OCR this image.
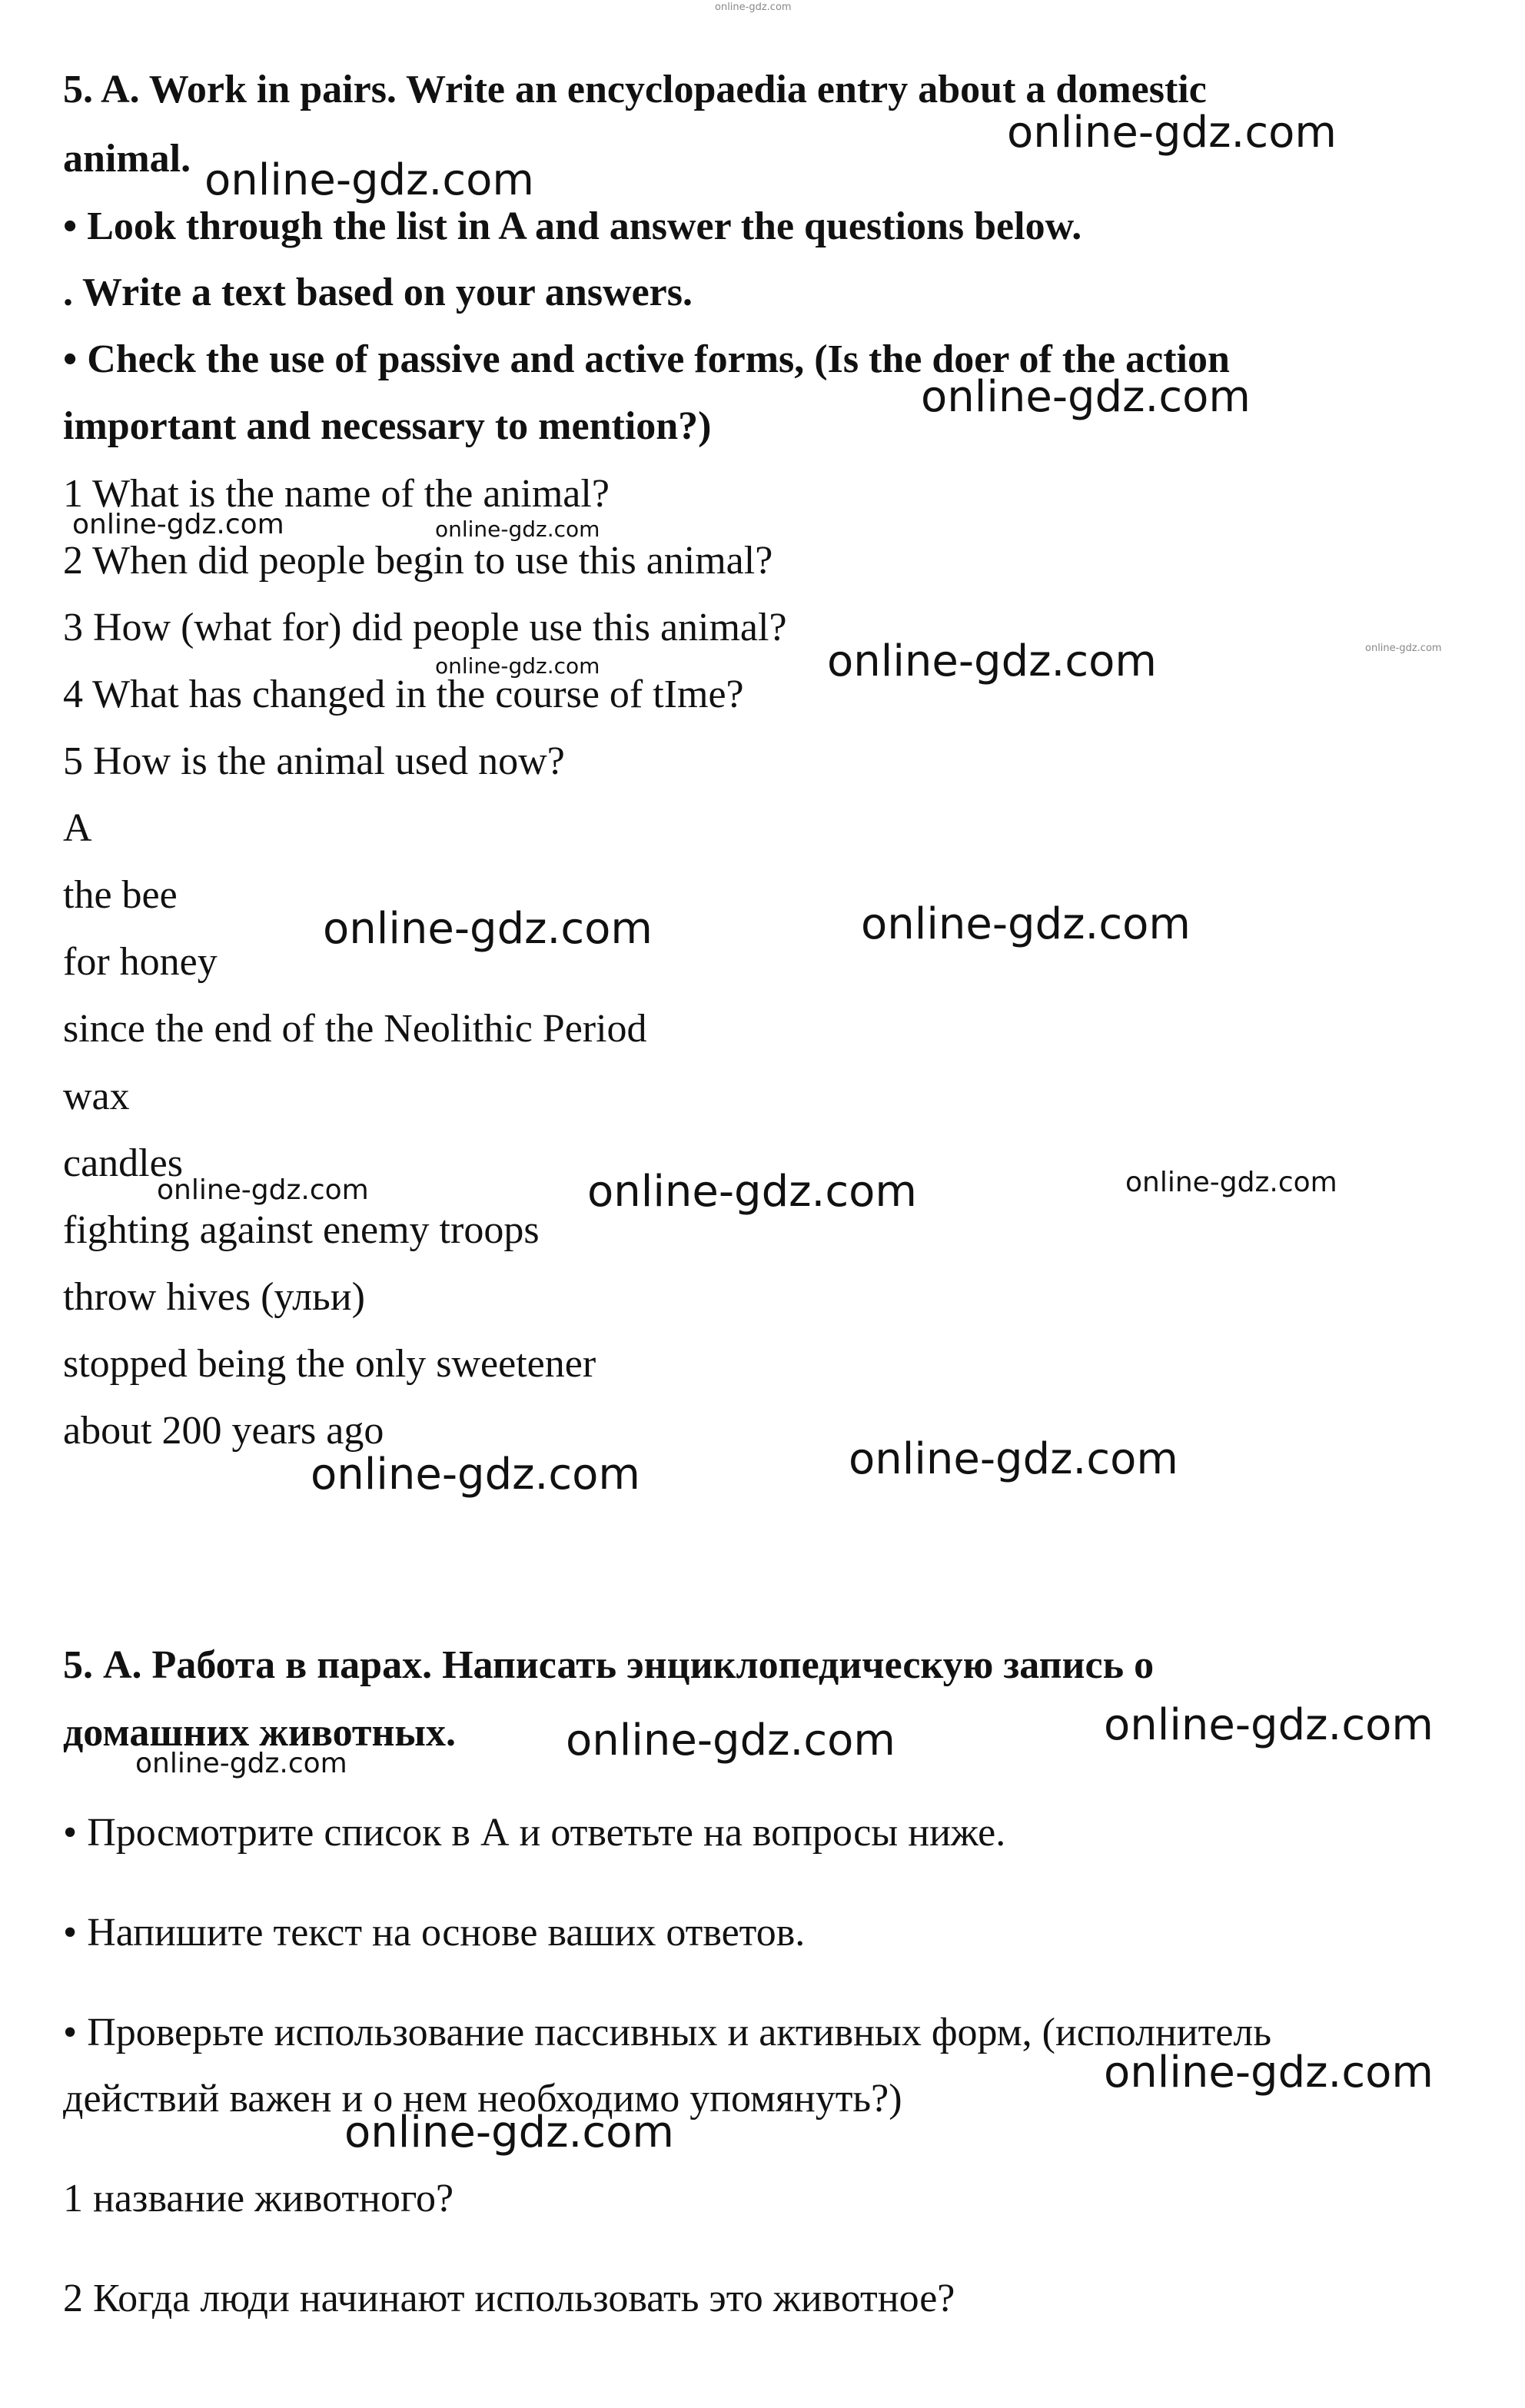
5. A. Work in pairs. Write an encyclopaedia entry about a domestic
animal.
• Look through the list in A and answer the questions below.
. Write a text based on your answers.
• Check the use of passive and active forms, (Is the doer of the action
important and necessary to mention?)
1 What is the name of the animal?
2 When did people begin to use this animal?
3 How (what for) did people use this animal?
4 What has changed in the course of tIme?
5 How is the animal used now?
A
the bee
for honey
since the end of the Neolithic Period
wax
candles
fighting against enemy troops
throw hives (ульи)
stopped being the only sweetener
about 200 years ago
5. А. Работа в парах. Написать энциклопедическую запись о
домашних животных.
• Просмотрите список в А и ответьте на вопросы ниже.
• Напишите текст на основе ваших ответов.
• Проверьте использование пассивных и активных форм, (исполнитель
действий важен и о нем необходимо упомянуть?)
1 название животного?
2 Когда люди начинают использовать это животное?
online-gdz.com
online-gdz.com
online-gdz.com
online-gdz.com
online-gdz.com	online-gdz.com
online-gdz.com	online-gdz.com	online-gdz.com
online-gdz.com	online-gdz.com
online-gdz.com	online-gdz.com	online-gdz.com
online-gdz.com	online-gdz.com
online-gdz.com
online-gdz.com
online-gdz.com
online-gdz.com
online-gdz.com
